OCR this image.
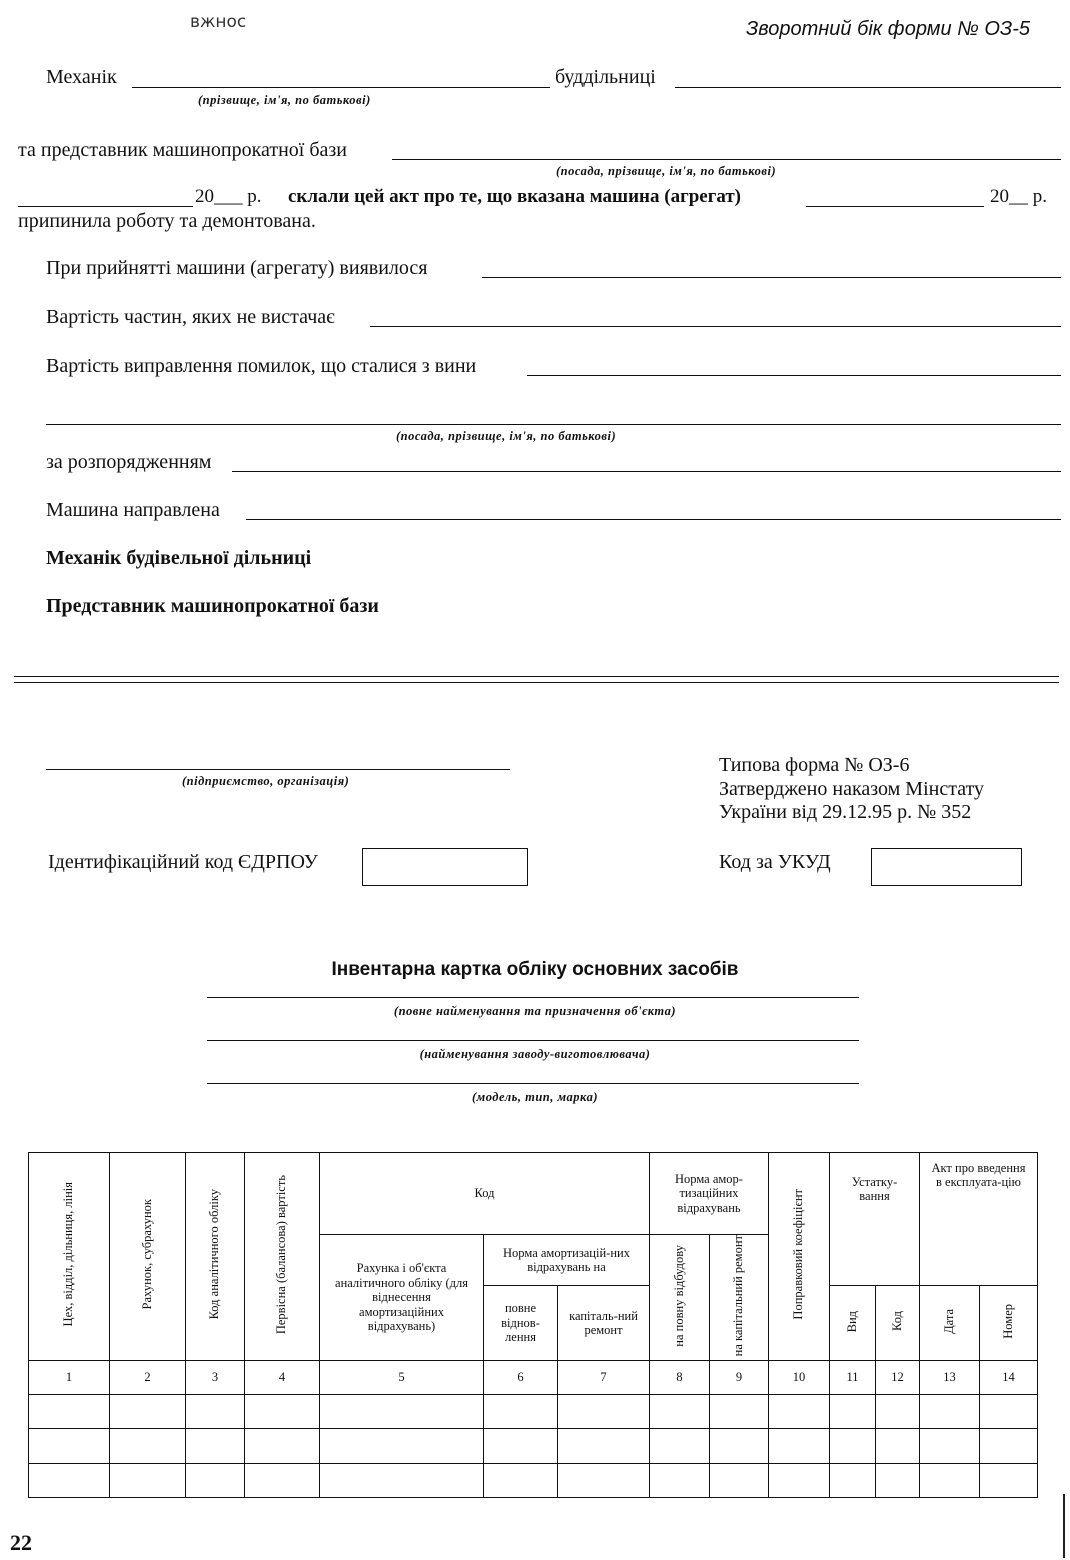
вжнос	Зворотний бік форми № ОЗ-5
Механік	буддільниці
(прізвище, ім'я, по батькові)
та представник машинопрокатної бази
(посада, прізвище, ім'я, по батькові)
20___ р. склали цей акт про те, що вказана машина (агрегат)	20__ р.
припинила роботу та демонтована.
При прийнятті машини (агрегату) виявилося
Вартість частин, яких не вистачає
Вартість виправлення помилок, що сталися з вини
(посада, прізвище, ім'я, по батькові)
за розпорядженням
Машина направлена
Механік будівельної дільниці
Представник машинопрокатної бази
(підприємство, організація)
Типова форма № ОЗ-6
Затверджено наказом Мінстату
України від 29.12.95 р. № 352
Ідентифікаційний код ЄДРПОУ	Код за УКУД
Інвентарна картка обліку основних засобів
(повне найменування та призначення об'єкта)
(найменування заводу-виготовлювача)
(модель, тип, марка)
Цех, відділ, дільниця, лінія	Рахунок, субрахунок	Код аналітичного обліку	Первісна (балансова) вартість	Код			Норма амор-тизаційних відрахувань		Поправковий коефіцієнт	Устатку-вання		Акт про введення в експлуата-цію	
				Рахунка і об'єкта аналітичного обліку (для віднесення амортизаційних відрахувань)	Норма амортизацій-них відрахувань на		на повну відбудову	на капітальний ремонт					
					повне віднов-лення	капіталь-ний ремонт				Вид	Код	Дата	Номер
1	2	3	4	5	6	7	8	9	10	11	12	13	14

22
